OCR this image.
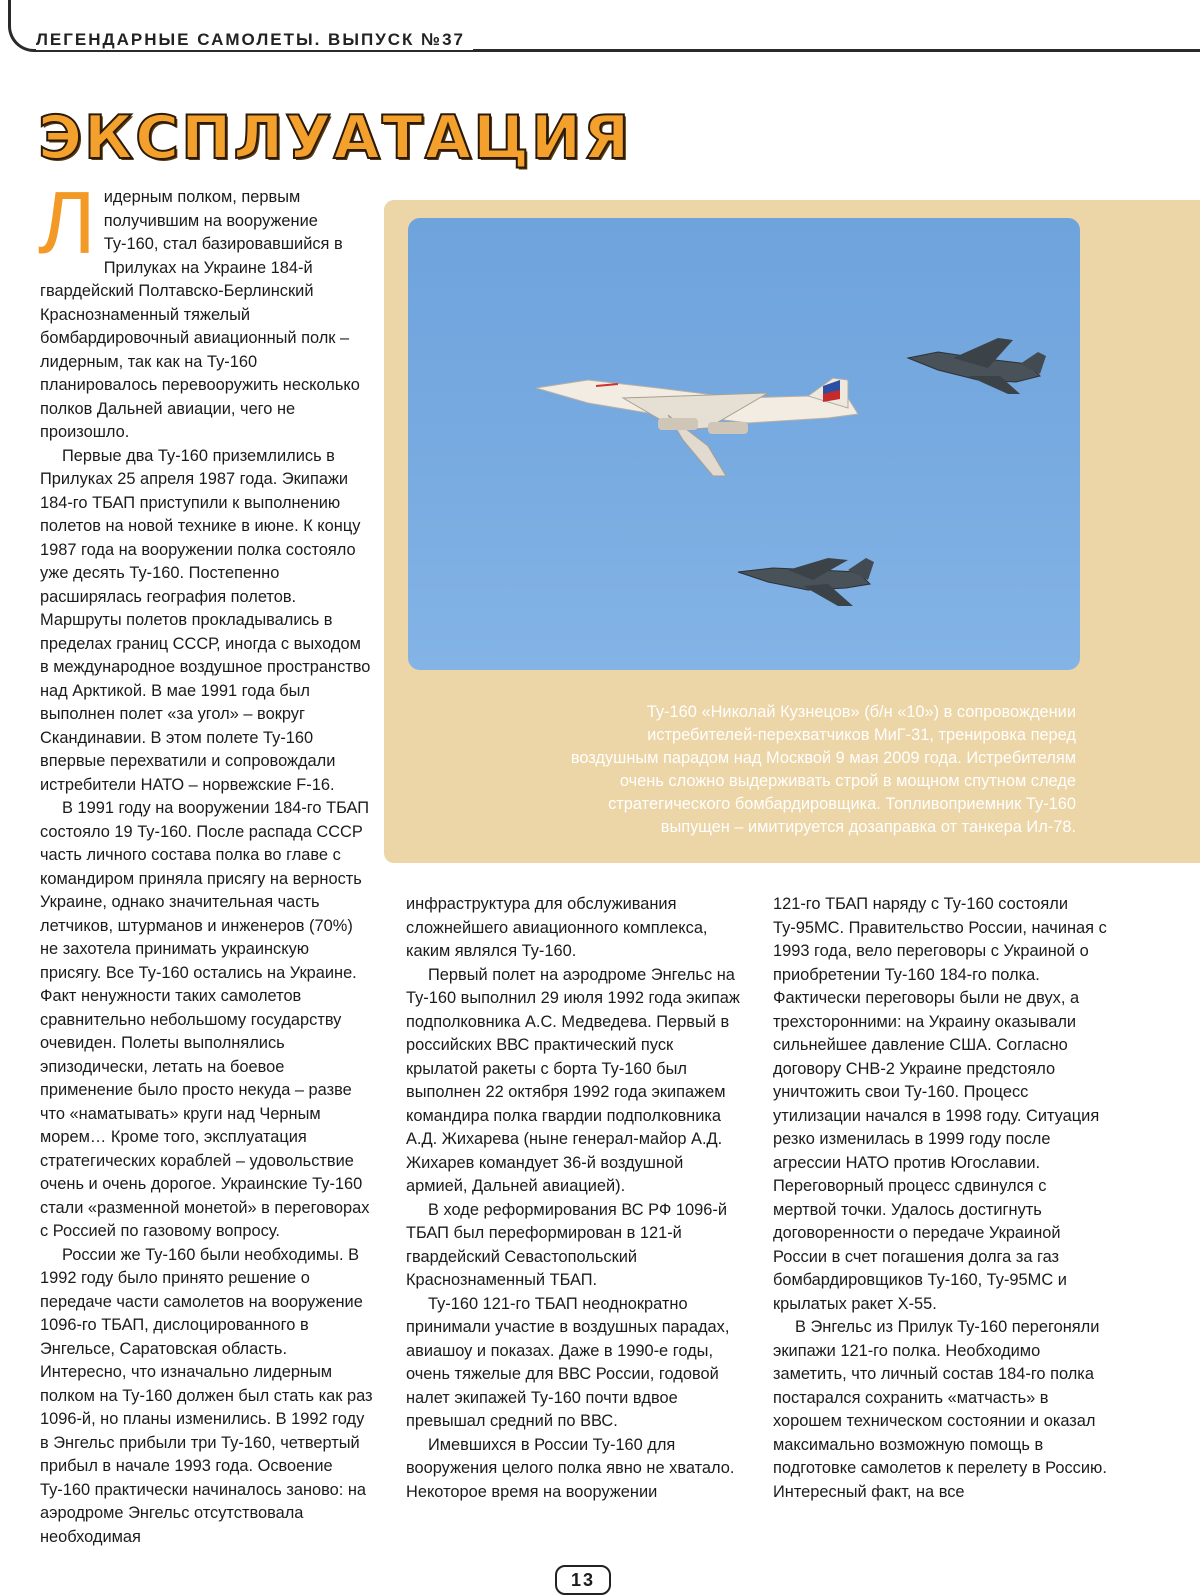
ЛЕГЕНДАРНЫЕ САМОЛЕТЫ. ВЫПУСК №37
ЭКСПЛУАТАЦИЯ
Ту-160 «Николай Кузнецов» (б/н «10») в сопровождении истребителей-перехватчиков МиГ-31, тренировка перед воздушным парадом над Москвой 9 мая 2009 года. Истребителям очень сложно выдерживать строй в мощном спутном следе стратегического бомбардировщика. Топливоприемник Ту-160 выпущен – имитируется дозаправка от танкера Ил-78.
Л идерным полком, первым получившим на вооружение Ту-160, стал базировавшийся в Прилуках на Украине 184-й гвардейский Полтавско-Берлинский Краснознаменный тяжелый бомбардировочный авиационный полк – лидерным, так как на Ту-160 планировалось перевооружить несколько полков Дальней авиации, чего не произошло.

Первые два Ту-160 приземлились в Прилуках 25 апреля 1987 года. Экипажи 184-го ТБАП приступили к выполнению полетов на новой технике в июне. К концу 1987 года на вооружении полка состояло уже десять Ту-160. Постепенно расширялась география полетов. Маршруты полетов прокладывались в пределах границ СССР, иногда с выходом в международное воздушное пространство над Арктикой. В мае 1991 года был выполнен полет «за угол» – вокруг Скандинавии. В этом полете Ту-160 впервые перехватили и сопровождали истребители НАТО – норвежские F-16.

В 1991 году на вооружении 184-го ТБАП состояло 19 Ту-160. После распада СССР часть личного состава полка во главе с командиром приняла присягу на верность Украине, однако значительная часть летчиков, штурманов и инженеров (70%) не захотела принимать украинскую присягу. Все Ту-160 остались на Украине. Факт ненужности таких самолетов сравнительно небольшому государству очевиден. Полеты выполнялись эпизодически, летать на боевое применение было просто некуда – разве что «наматывать» круги над Черным морем… Кроме того, эксплуатация стратегических кораблей – удовольствие очень и очень дорогое. Украинские Ту-160 стали «разменной монетой» в переговорах с Россией по газовому вопросу.

России же Ту-160 были необходимы. В 1992 году было принято решение о передаче части самолетов на вооружение 1096-го ТБАП, дислоцированного в Энгельсе, Саратовская область. Интересно, что изначально лидерным полком на Ту-160 должен был стать как раз 1096-й, но планы изменились. В 1992 году в Энгельс прибыли три Ту-160, четвертый прибыл в начале 1993 года. Освоение Ту-160 практически начиналось заново: на аэродроме Энгельс отсутствовала необходимая

инфраструктура для обслуживания сложнейшего авиационного комплекса, каким являлся Ту-160.

Первый полет на аэродроме Энгельс на Ту-160 выполнил 29 июля 1992 года экипаж подполковника А.С. Медведева. Первый в российских ВВС практический пуск крылатой ракеты с борта Ту-160 был выполнен 22 октября 1992 года экипажем командира полка гвардии подполковника А.Д. Жихарева (ныне генерал-майор А.Д. Жихарев командует 36-й воздушной армией, Дальней авиацией).

В ходе реформирования ВС РФ 1096-й ТБАП был переформирован в 121-й гвардейский Севастопольский Краснознаменный ТБАП.

Ту-160 121-го ТБАП неоднократно принимали участие в воздушных парадах, авиашоу и показах. Даже в 1990-е годы, очень тяжелые для ВВС России, годовой налет экипажей Ту-160 почти вдвое превышал средний по ВВС.

Имевшихся в России Ту-160 для вооружения целого полка явно не хватало. Некоторое время на вооружении

121-го ТБАП наряду с Ту-160 состояли Ту-95МС. Правительство России, начиная с 1993 года, вело переговоры с Украиной о приобретении Ту-160 184-го полка. Фактически переговоры были не двух, а трехсторонними: на Украину оказывали сильнейшее давление США. Согласно договору СНВ-2 Украине предстояло уничтожить свои Ту-160. Процесс утилизации начался в 1998 году. Ситуация резко изменилась в 1999 году после агрессии НАТО против Югославии. Переговорный процесс сдвинулся с мертвой точки. Удалось достигнуть договоренности о передаче Украиной России в счет погашения долга за газ бомбардировщиков Ту-160, Ту-95МС и крылатых ракет Х-55.

В Энгельс из Прилук Ту-160 перегоняли экипажи 121-го полка. Необходимо заметить, что личный состав 184-го полка постарался сохранить «матчасть» в хорошем техническом состоянии и оказал максимально возможную помощь в подготовке самолетов к перелету в Россию. Интересный факт, на все

13
